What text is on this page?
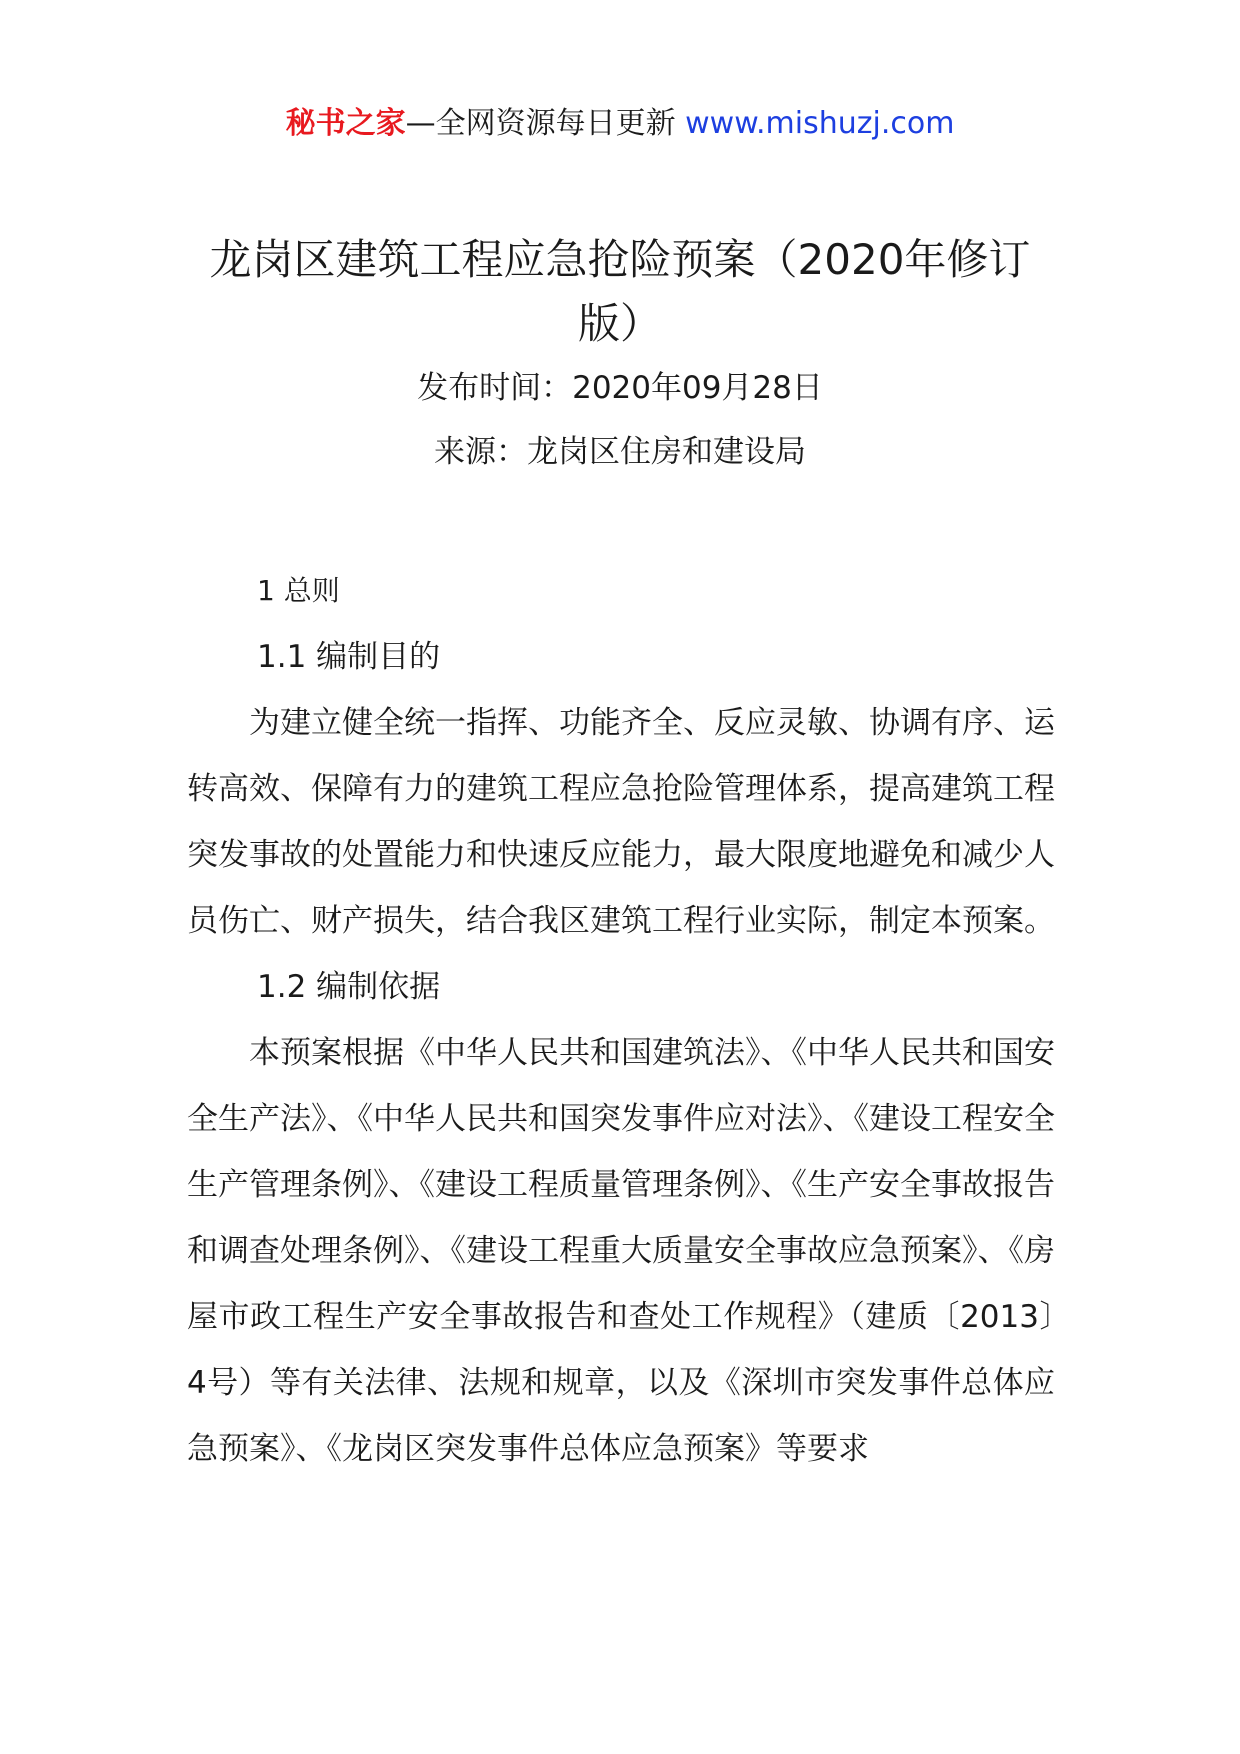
秘书之家—全网资源每日更新 www.mishuzj.com
龙岗区建筑工程应急抢险预案（2020年修订版）
发布时间：2020年09月28日
来源：龙岗区住房和建设局

1 总则

1.1 编制目的

为建立健全统一指挥、功能齐全、反应灵敏、协调有序、运转高效、保障有力的建筑工程应急抢险管理体系，提高建筑工程突发事故的处置能力和快速反应能力，最大限度地避免和减少人员伤亡、财产损失，结合我区建筑工程行业实际，制定本预案。

1.2 编制依据

本预案根据《中华人民共和国建筑法》、《中华人民共和国安全生产法》、《中华人民共和国突发事件应对法》、《建设工程安全生产管理条例》、《建设工程质量管理条例》、《生产安全事故报告和调查处理条例》、《建设工程重大质量安全事故应急预案》、《房屋市政工程生产安全事故报告和查处工作规程》（建质〔2013〕4号）等有关法律、法规和规章，以及《深圳市突发事件总体应急预案》、《龙岗区突发事件总体应急预案》等要求
